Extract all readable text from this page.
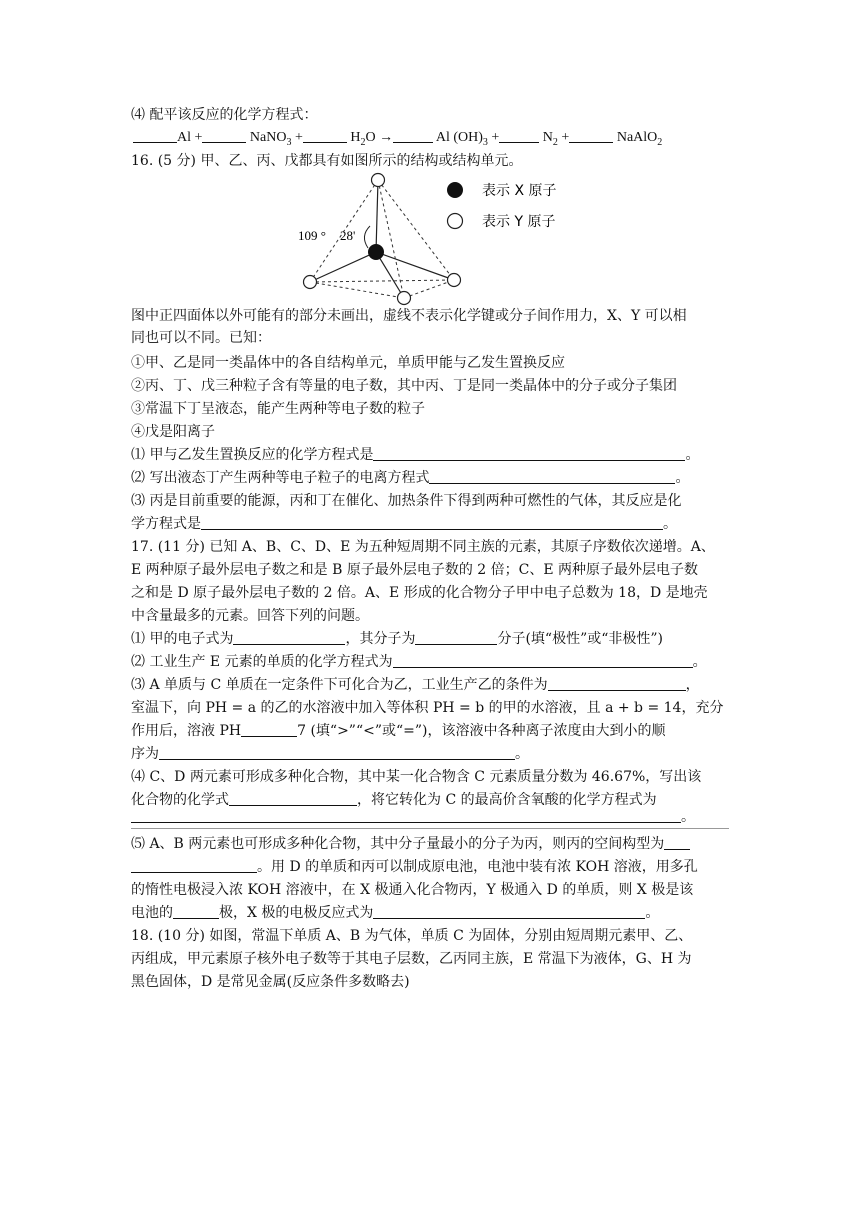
⑷ 配平该反应的化学方程式：
Al +	NaNO$_3$ +	$H_2O$ →	Al $(OH)_3$ +	$N_2$ +	NaAlO$_2$
16. (5 分) 甲、乙、丙、戊都具有如图所示的结构或结构单元。
109 ° 28'
表示 X 原子
表示 Y 原子
图中正四面体以外可能有的部分未画出，虚线不表示化学键或分子间作用力，X、Y 可以相
同也可以不同。已知：
①甲、乙是同一类晶体中的各自结构单元，单质甲能与乙发生置换反应
②丙、丁、戊三种粒子含有等量的电子数，其中丙、丁是同一类晶体中的分子或分子集团
③常温下丁呈液态，能产生两种等电子数的粒子
④戊是阳离子
⑴ 甲与乙发生置换反应的化学方程式是	。
⑵ 写出液态丁产生两种等电子粒子的电离方程式	。
⑶ 丙是目前重要的能源，丙和丁在催化、加热条件下得到两种可燃性的气体，其反应是化
学方程式是	。
17. (11 分) 已知 A、B、C、D、E 为五种短周期不同主族的元素，其原子序数依次递增。A、
E 两种原子最外层电子数之和是 B 原子最外层电子数的 2 倍；C、E 两种原子最外层电子数
之和是 D 原子最外层电子数的 2 倍。A、E 形成的化合物分子甲中电子总数为 18，D 是地壳
中含量最多的元素。回答下列的问题。
⑴ 甲的电子式为	，其分子为	分子(填“极性”或“非极性”)
⑵ 工业生产 E 元素的单质的化学方程式为	。
⑶ A 单质与 C 单质在一定条件下可化合为乙，工业生产乙的条件为	，
室温下，向 PH = a 的乙的水溶液中加入等体积 PH = b 的甲的水溶液，且 a + b = 14，充分
作用后，溶液 PH	7 (填“>”“<”或“=”)，该溶液中各种离子浓度由大到小的顺
序为	。
⑷ C、D 两元素可形成多种化合物，其中某一化合物含 C 元素质量分数为 46.67%，写出该
化合物的化学式	，将它转化为 C 的最高价含氧酸的化学方程式为
。
⑸ A、B 两元素也可形成多种化合物，其中分子量最小的分子为丙，则丙的空间构型为
。用 D 的单质和丙可以制成原电池，电池中装有浓 KOH 溶液，用多孔
的惰性电极浸入浓 KOH 溶液中，在 X 极通入化合物丙，Y 极通入 D 的单质，则 X 极是该
电池的	极，X 极的电极反应式为	。
18. (10 分) 如图，常温下单质 A、B 为气体，单质 C 为固体，分别由短周期元素甲、乙、
丙组成，甲元素原子核外电子数等于其电子层数，乙丙同主族，E 常温下为液体，G、H 为
黑色固体，D 是常见金属(反应条件多数略去)
